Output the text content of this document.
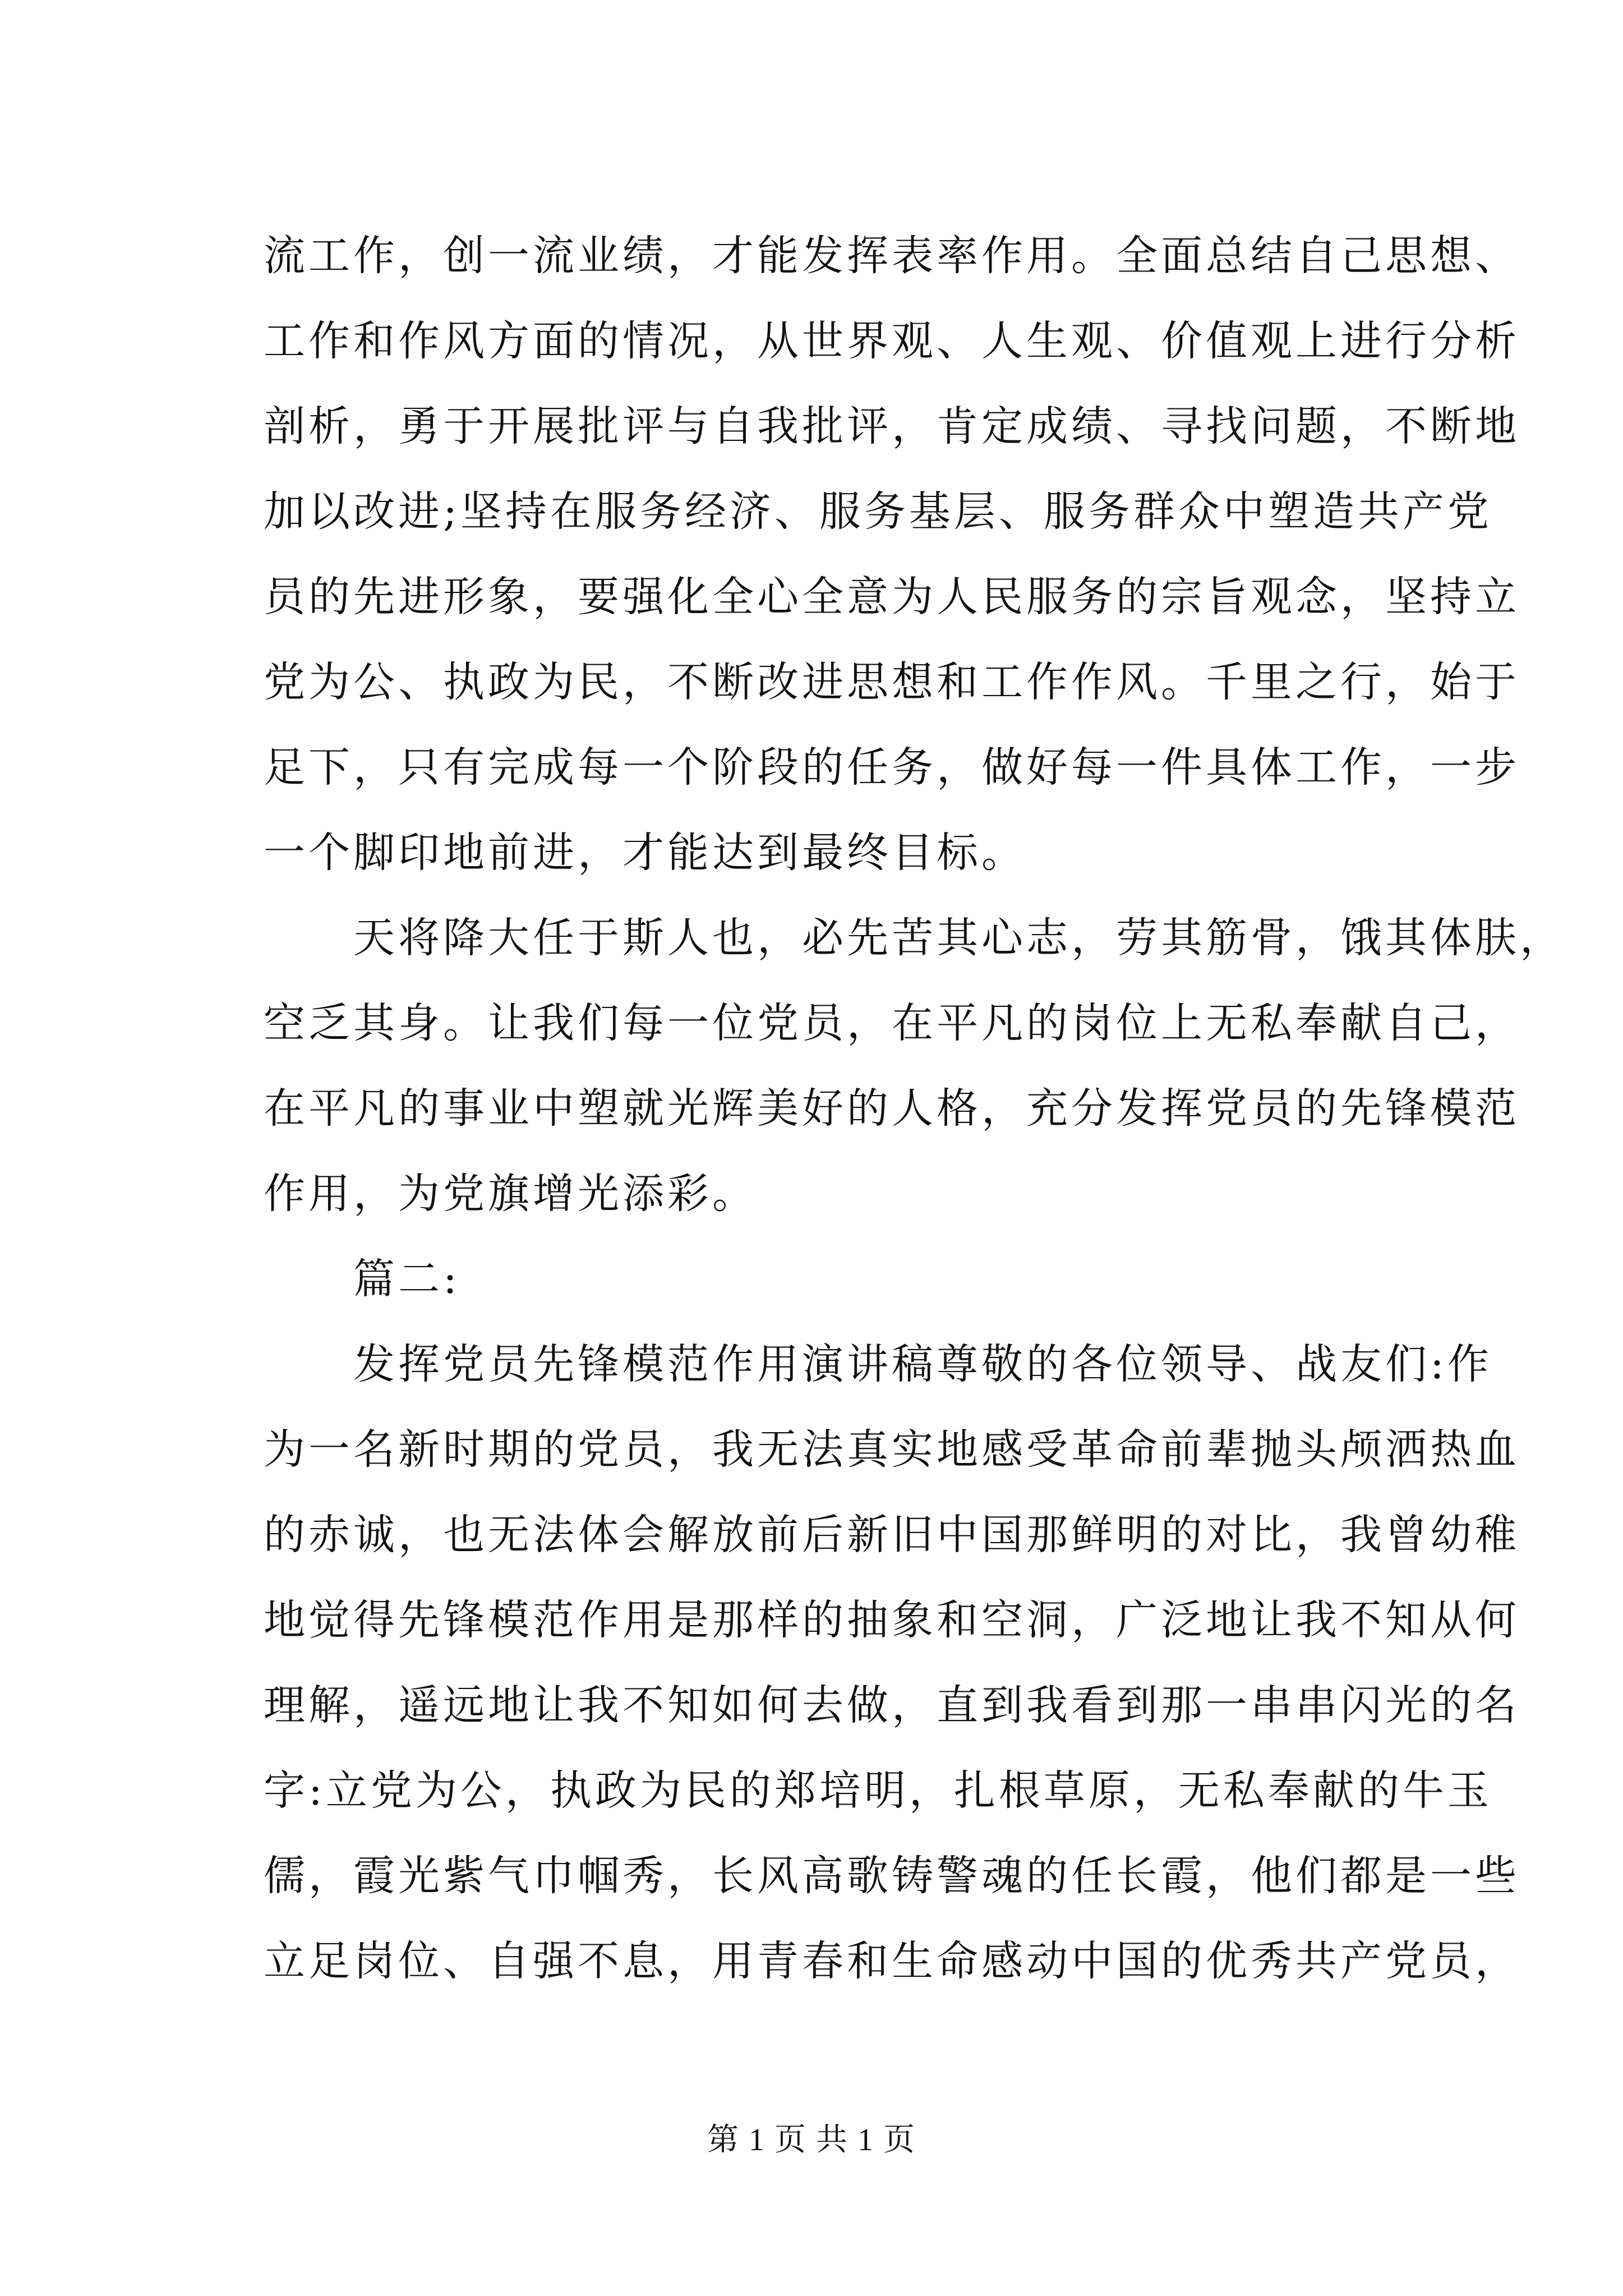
流工作，创一流业绩，才能发挥表率作用。全面总结自己思想、
工作和作风方面的情况，从世界观、人生观、价值观上进行分析
剖析，勇于开展批评与自我批评，肯定成绩、寻找问题，不断地
加以改进;坚持在服务经济、服务基层、服务群众中塑造共产党
员的先进形象，要强化全心全意为人民服务的宗旨观念，坚持立
党为公、执政为民，不断改进思想和工作作风。千里之行，始于
足下，只有完成每一个阶段的任务，做好每一件具体工作，一步
一个脚印地前进，才能达到最终目标。
　　天将降大任于斯人也，必先苦其心志，劳其筋骨，饿其体肤，
空乏其身。让我们每一位党员，在平凡的岗位上无私奉献自己，
在平凡的事业中塑就光辉美好的人格，充分发挥党员的先锋模范
作用，为党旗增光添彩。
　　篇二:
　　发挥党员先锋模范作用演讲稿尊敬的各位领导、战友们:作
为一名新时期的党员，我无法真实地感受革命前辈抛头颅洒热血
的赤诚，也无法体会解放前后新旧中国那鲜明的对比，我曾幼稚
地觉得先锋模范作用是那样的抽象和空洞，广泛地让我不知从何
理解，遥远地让我不知如何去做，直到我看到那一串串闪光的名
字:立党为公，执政为民的郑培明，扎根草原，无私奉献的牛玉
儒，霞光紫气巾帼秀，长风高歌铸警魂的任长霞，他们都是一些
立足岗位、自强不息，用青春和生命感动中国的优秀共产党员，
第 1 页 共 1 页
